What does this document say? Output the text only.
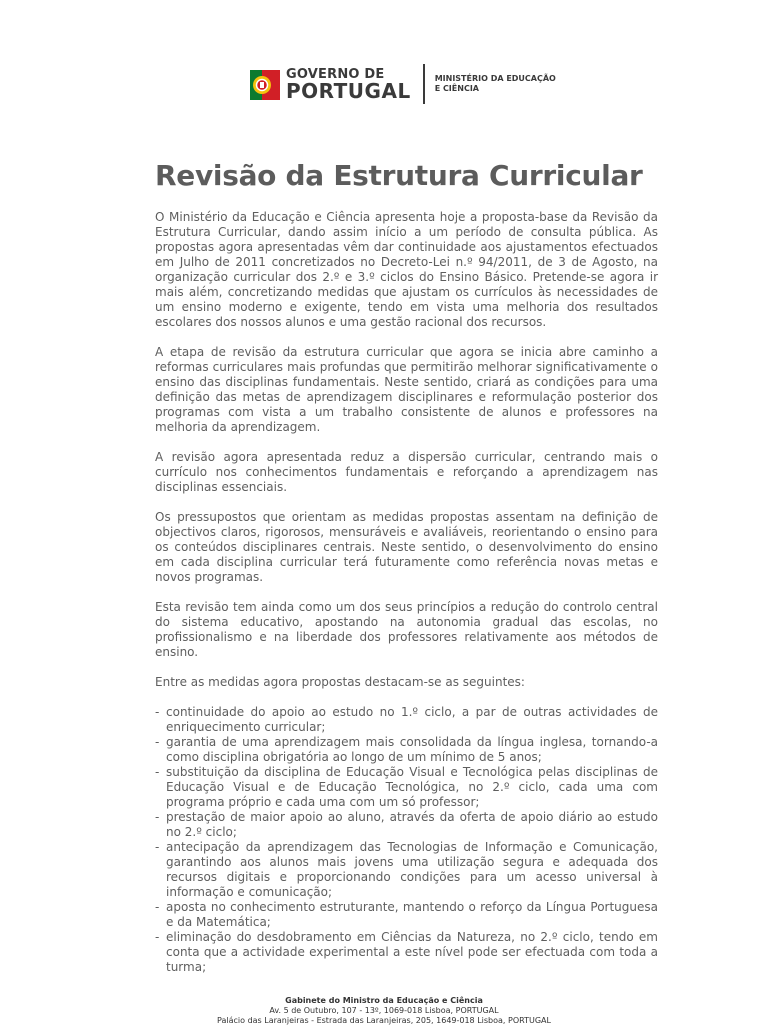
GOVERNO DE
PORTUGAL
MINISTÉRIO DA EDUCAÇÃO
E CIÊNCIA
Revisão da Estrutura Curricular

O Ministério da Educação e Ciência apresenta hoje a proposta-base da Revisão da Estrutura Curricular, dando assim início a um período de consulta pública. As propostas agora apresentadas vêm dar continuidade aos ajustamentos efectuados em Julho de 2011 concretizados no Decreto-Lei n.º 94/2011, de 3 de Agosto, na organização curricular dos 2.º e 3.º ciclos do Ensino Básico. Pretende-se agora ir mais além, concretizando medidas que ajustam os currículos às necessidades de um ensino moderno e exigente, tendo em vista uma melhoria dos resultados escolares dos nossos alunos e uma gestão racional dos recursos.

A etapa de revisão da estrutura curricular que agora se inicia abre caminho a reformas curriculares mais profundas que permitirão melhorar significativamente o ensino das disciplinas fundamentais. Neste sentido, criará as condições para uma definição das metas de aprendizagem disciplinares e reformulação posterior dos programas com vista a um trabalho consistente de alunos e professores na melhoria da aprendizagem.

A revisão agora apresentada reduz a dispersão curricular, centrando mais o currículo nos conhecimentos fundamentais e reforçando a aprendizagem nas disciplinas essenciais.

Os pressupostos que orientam as medidas propostas assentam na definição de objectivos claros, rigorosos, mensuráveis e avaliáveis, reorientando o ensino para os conteúdos disciplinares centrais. Neste sentido, o desenvolvimento do ensino em cada disciplina curricular terá futuramente como referência novas metas e novos programas.

Esta revisão tem ainda como um dos seus princípios a redução do controlo central do sistema educativo, apostando na autonomia gradual das escolas, no profissionalismo e na liberdade dos professores relativamente aos métodos de ensino.

Entre as medidas agora propostas destacam-se as seguintes:

- continuidade do apoio ao estudo no 1.º ciclo, a par de outras actividades de enriquecimento curricular;
- garantia de uma aprendizagem mais consolidada da língua inglesa, tornando-a como disciplina obrigatória ao longo de um mínimo de 5 anos;
- substituição da disciplina de Educação Visual e Tecnológica pelas disciplinas de Educação Visual e de Educação Tecnológica, no 2.º ciclo, cada uma com programa próprio e cada uma com um só professor;
- prestação de maior apoio ao aluno, através da oferta de apoio diário ao estudo no 2.º ciclo;
- antecipação da aprendizagem das Tecnologias de Informação e Comunicação, garantindo aos alunos mais jovens uma utilização segura e adequada dos recursos digitais e proporcionando condições para um acesso universal à informação e comunicação;
- aposta no conhecimento estruturante, mantendo o reforço da Língua Portuguesa e da Matemática;
- eliminação do desdobramento em Ciências da Natureza, no 2.º ciclo, tendo em conta que a actividade experimental a este nível pode ser efectuada com toda a turma;
Gabinete do Ministro da Educação e Ciência
Av. 5 de Outubro, 107 - 13º, 1069-018 Lisboa, PORTUGAL
Palácio das Laranjeiras - Estrada das Laranjeiras, 205, 1649-018 Lisboa, PORTUGAL
